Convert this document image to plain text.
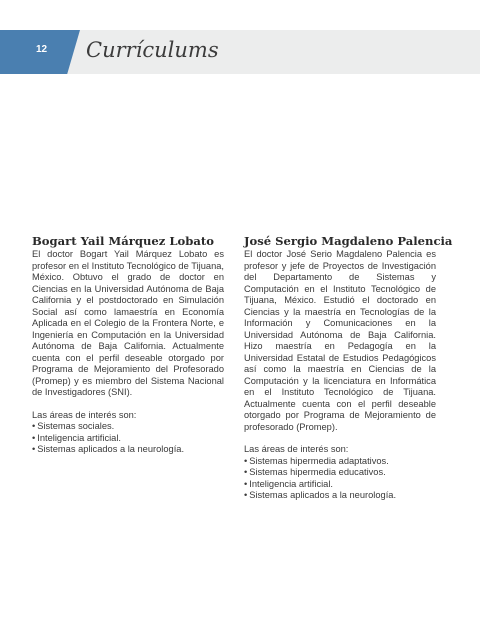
12	Currículums
Bogart Yail Márquez Lobato

El doctor Bogart Yail Márquez Lobato es profesor en el Instituto Tecnológico de Tijuana, México. Obtuvo el grado de doctor en Ciencias en la Universidad Autónoma de Baja California y el postdoctorado en Simulación Social así como lamaestría en Economía Aplicada en el Colegio de la Frontera Norte, e Ingeniería en Computación en la Universidad Autónoma de Baja California. Actualmente cuenta con el perfil deseable otorgado por Programa de Mejoramiento del Profesorado (Promep) y es miembro del Sistema Nacional de Investigadores (SNI).

Las áreas de interés son:

• Sistemas sociales.
• Inteligencia artificial.
• Sistemas aplicados a la neurología.
José Sergio Magdaleno Palencia

El doctor José Serio Magdaleno Palencia es profesor y jefe de Proyectos de Investigación del Departamento de Sistemas y Computación en el Instituto Tecnológico de Tijuana, México. Estudió el doctorado en Ciencias y la maestría en Tecnologías de la Información y Comunicaciones en la Universidad Autónoma de Baja California. Hizo maestría en Pedagogía en la Universidad Estatal de Estudios Pedagógicos así como la maestría en Ciencias de la Computación y la licenciatura en Informática en el Instituto Tecnológico de Tijuana. Actualmente cuenta con el perfil deseable otorgado por Programa de Mejoramiento de profesorado (Promep).

Las áreas de interés son:

• Sistemas hipermedia adaptativos.
• Sistemas hipermedia educativos.
• Inteligencia artificial.
• Sistemas aplicados a la neurología.
